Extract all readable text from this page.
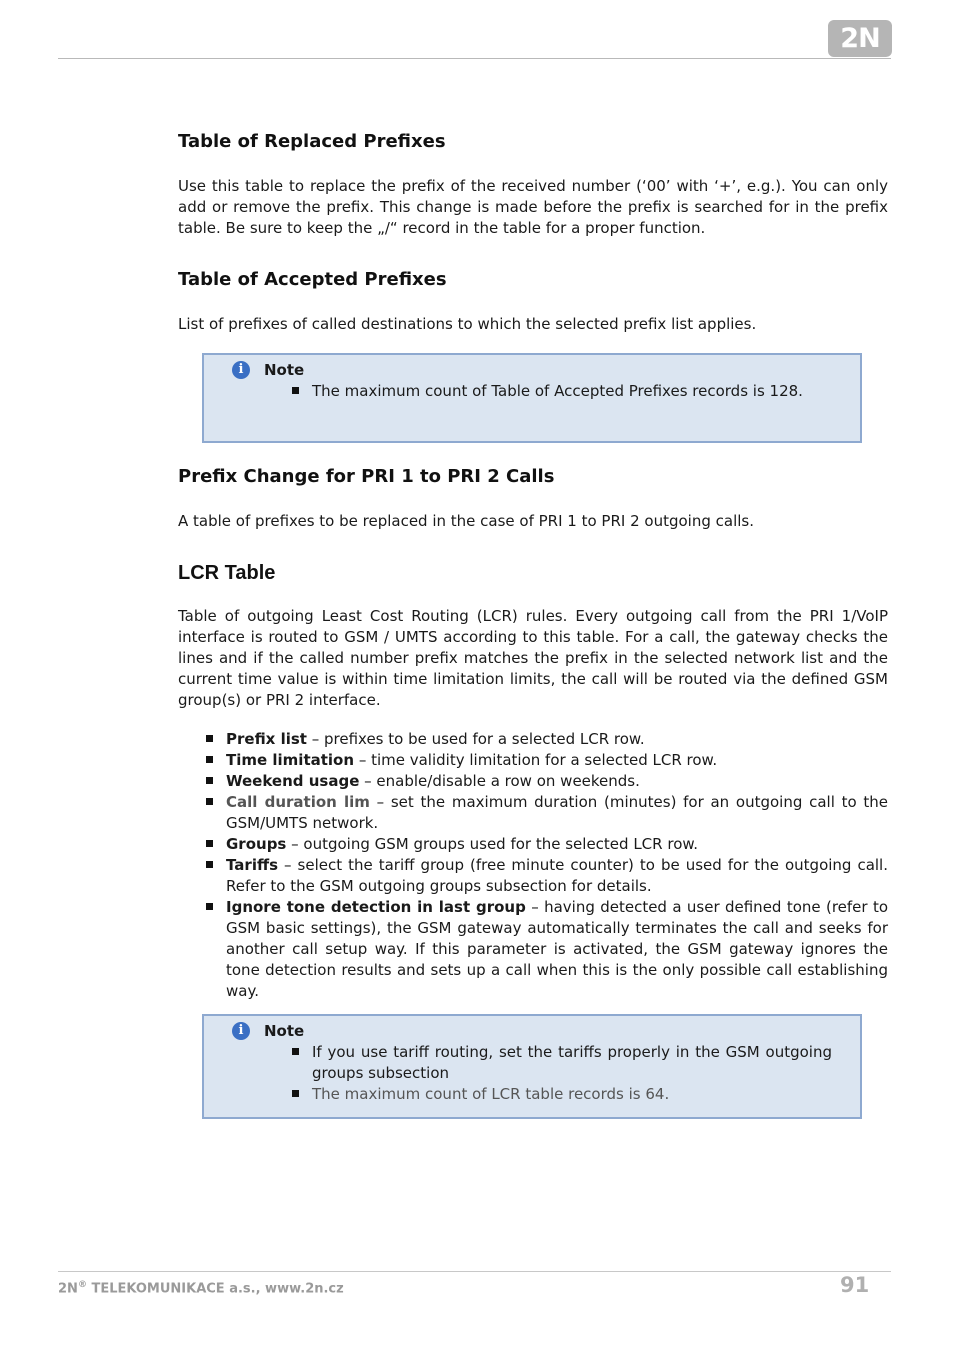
2N
Table of Replaced Prefixes

Use this table to replace the prefix of the received number (‘00’ with ‘+’, e.g.). You can only add or remove the prefix. This change is made before the prefix is searched for in the prefix table. Be sure to keep the „/“ record in the table for a proper function.

Table of Accepted Prefixes

List of prefixes of called destinations to which the selected prefix list applies.

i	Note
The maximum count of Table of Accepted Prefixes records is 128.
Prefix Change for PRI 1 to PRI 2 Calls

A table of prefixes to be replaced in the case of PRI 1 to PRI 2 outgoing calls.

LCR Table

Table of outgoing Least Cost Routing (LCR) rules. Every outgoing call from the PRI 1/VoIP interface is routed to GSM / UMTS according to this table. For a call, the gateway checks the lines and if the called number prefix matches the prefix in the selected network list and the current time value is within time limitation limits, the call will be routed via the defined GSM group(s) or PRI 2 interface.

Prefix list – prefixes to be used for a selected LCR row.
Time limitation – time validity limitation for a selected LCR row.
Weekend usage – enable/disable a row on weekends.
Call duration lim – set the maximum duration (minutes) for an outgoing call to the GSM/UMTS network.
Groups – outgoing GSM groups used for the selected LCR row.
Tariffs – select the tariff group (free minute counter) to be used for the outgoing call. Refer to the GSM outgoing groups subsection for details.
Ignore tone detection in last group – having detected a user defined tone (refer to GSM basic settings), the GSM gateway automatically terminates the call and seeks for another call setup way. If this parameter is activated, the GSM gateway ignores the tone detection results and sets up a call when this is the only possible call establishing way.
i	Note
If you use tariff routing, set the tariffs properly in the GSM outgoing groups subsection
The maximum count of LCR table records is 64.
2N® TELEKOMUNIKACE a.s., www.2n.cz	91
